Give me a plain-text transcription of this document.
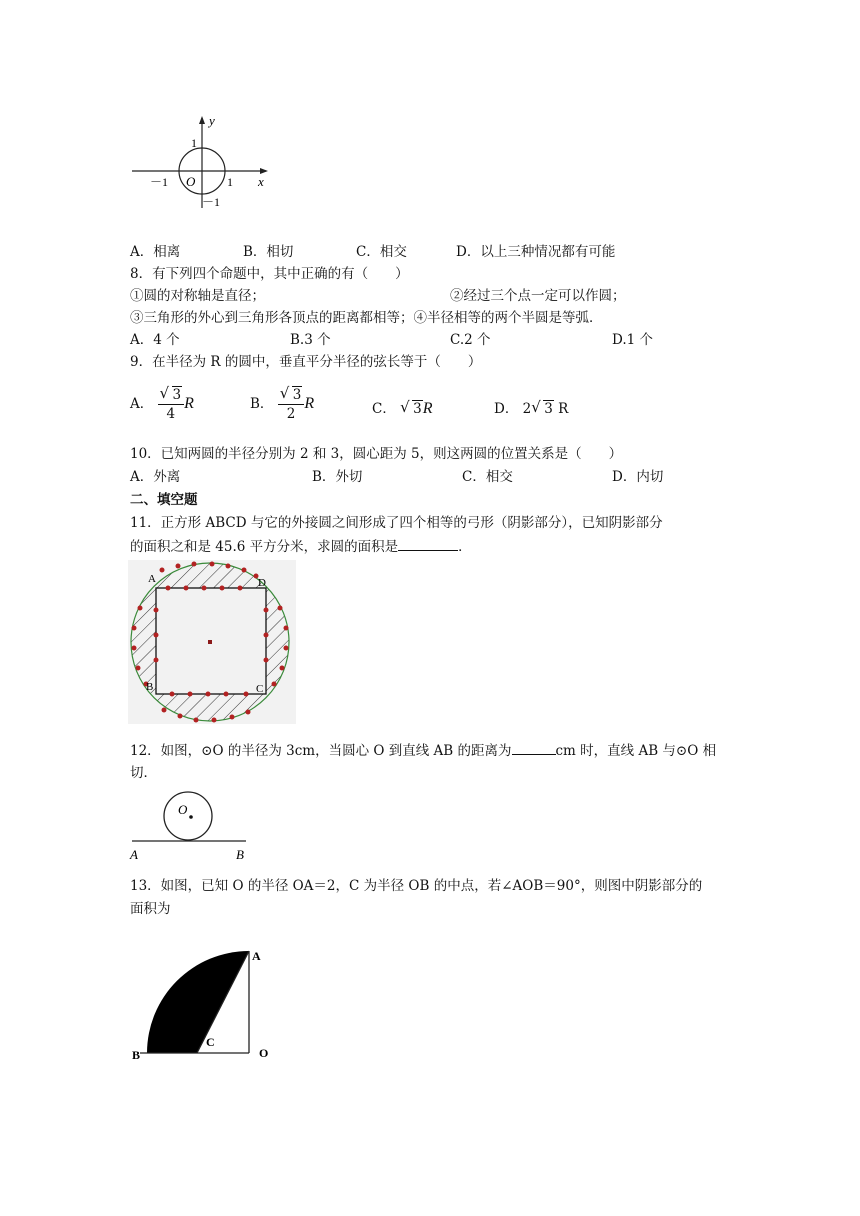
y
x
O
1
－1	1
－1
A．相离	B．相切	C．相交	D．以上三种情况都有可能
8．有下列四个命题中，其中正确的有（　　）
①圆的对称轴是直径；	②经过三个点一定可以作圆；
③三角形的外心到三角形各顶点的距离都相等；④半径相等的两个半圆是等弧．
A．4 个	B.3 个	C.2 个	D.1 个
9．在半径为 R 的圆中，垂直平分半径的弦长等于（　　）
A． √ $\frac{3}{4}$ R	B． √ $\frac{3}{2}$ R	C． √ 3R	D． 2 √ 3 R
10．已知两圆的半径分别为 2 和 3，圆心距为 5，则这两圆的位置关系是（　　）
A．外离	B．外切	C．相交	D．内切
二、填空题
11．正方形 ABCD 与它的外接圆之间形成了四个相等的弓形（阴影部分），已知阴影部分
的面积之和是 45.6 平方分米，求圆的面积是	．
A	D
B	C
12．如图，⊙O 的半径为 3cm，当圆心 O 到直线 AB 的距离为	cm 时，直线 AB 与⊙O 相
切．
O
A	B
13．如图，已知 O 的半径 OA＝2，C 为半径 OB 的中点，若∠AOB＝90°，则图中阴影部分的
面积为
A
B
C
O
